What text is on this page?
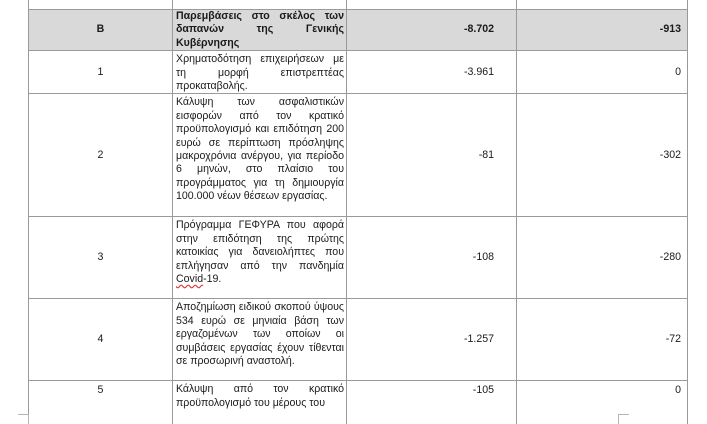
Β	Παρεμβάσεις στο σκέλος των δαπανών της Γενικής Κυβέρνησης	-8.702	-913
1	Χρηματοδότηση επιχειρήσεων με τη μορφή επιστρεπτέας προκαταβολής.	-3.961	0
2	Κάλυψη των ασφαλιστικών εισφορών από τον κρατικό προϋπολογισμό και επιδότηση 200 ευρώ σε περίπτωση πρόσληψης μακροχρόνια ανέργου, για περίοδο 6 μηνών, στο πλαίσιο του προγράμματος για τη δημιουργία 100.000 νέων θέσεων εργασίας.	-81	-302
3	Πρόγραμμα ΓΕΦΥΡΑ που αφορά στην επιδότηση της πρώτης κατοικίας για δανειολήπτες που επλήγησαν από την πανδημία Covid-19.	-108	-280
4	Αποζημίωση ειδικού σκοπού ύψους 534 ευρώ σε μηνιαία βάση των εργαζομένων των οποίων οι συμβάσεις εργασίας έχουν τίθενται σε προσωρινή αναστολή.	-1.257	-72
5	Κάλυψη από τον κρατικό προϋπολογισμό του μέρους του	-105	0
